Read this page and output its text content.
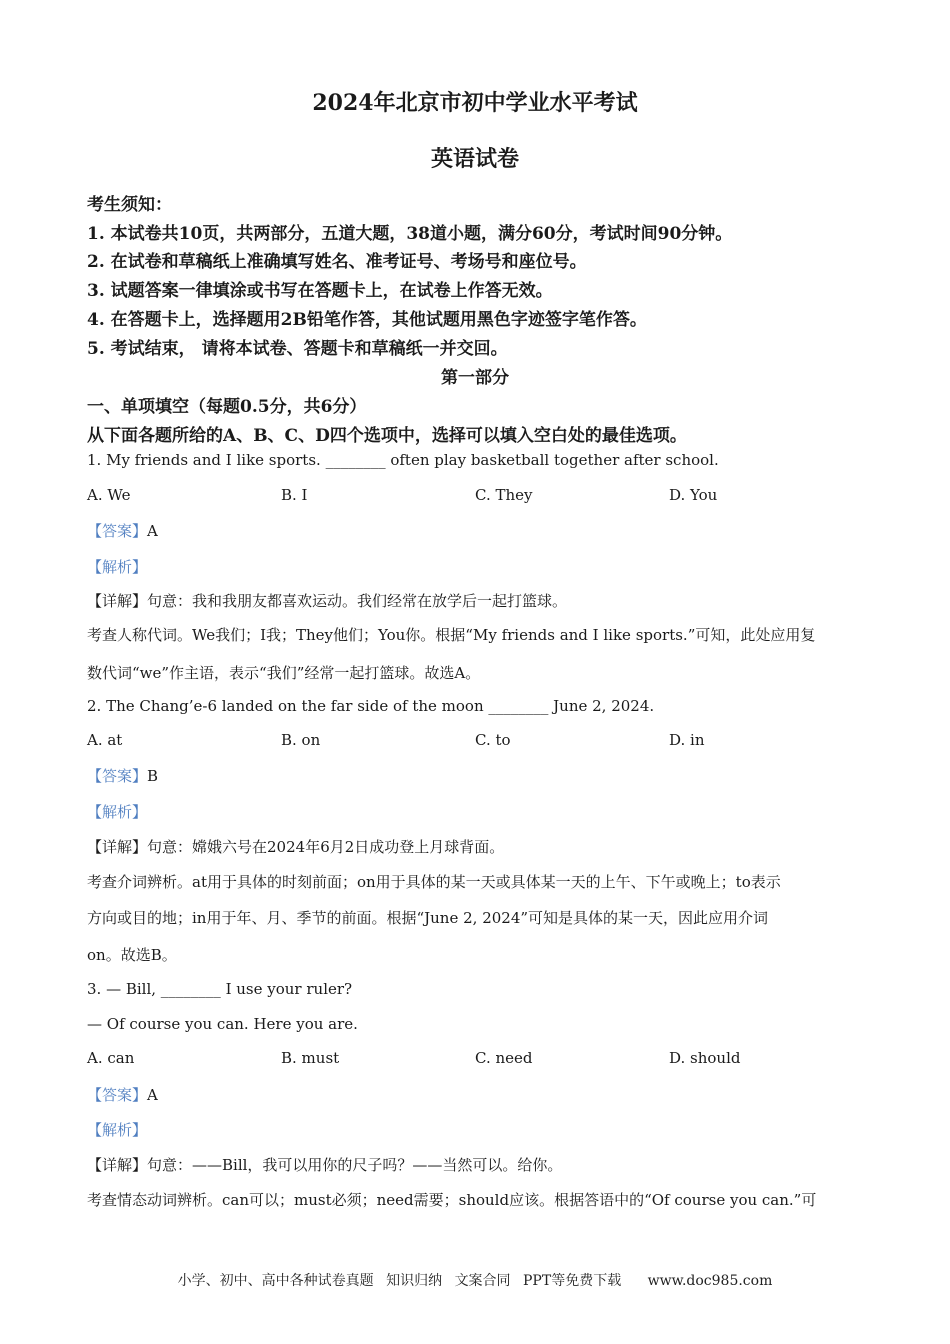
2024年北京市初中学业水平考试
英语试卷
考生须知：
1. 本试卷共10页，共两部分，五道大题，38道小题，满分60分，考试时间90分钟。
2. 在试卷和草稿纸上准确填写姓名、准考证号、考场号和座位号。
3. 试题答案一律填涂或书写在答题卡上，在试卷上作答无效。
4. 在答题卡上，选择题用2B铅笔作答，其他试题用黑色字迹签字笔作答。
5. 考试结束， 请将本试卷、答题卡和草稿纸一并交回。
第一部分
一、单项填空（每题0.5分，共6分）
从下面各题所给的A、B、C、D四个选项中，选择可以填入空白处的最佳选项。
1. My friends and I like sports. ________ often play basketball together after school.
A. We	B. I	C. They	D. You
【答案】A
【解析】
【详解】句意：我和我朋友都喜欢运动。我们经常在放学后一起打篮球。
考查人称代词。We我们；I我；They他们；You你。根据“My friends and I like sports.”可知，此处应用复
数代词“we”作主语，表示“我们”经常一起打篮球。故选A。
2. The Chang’e-6 landed on the far side of the moon ________ June 2, 2024.
A. at	B. on	C. to	D. in
【答案】B
【解析】
【详解】句意：嫦娥六号在2024年6月2日成功登上月球背面。
考查介词辨析。at用于具体的时刻前面；on用于具体的某一天或具体某一天的上午、下午或晚上；to表示
方向或目的地；in用于年、月、季节的前面。根据“June 2, 2024”可知是具体的某一天，因此应用介词
on。故选B。
3. — Bill, ________ I use your ruler?
— Of course you can. Here you are.
A. can	B. must	C. need	D. should
【答案】A
【解析】
【详解】句意：——Bill，我可以用你的尺子吗？——当然可以。给你。
考查情态动词辨析。can可以；must必须；need需要；should应该。根据答语中的“Of course you can.”可
小学、初中、高中各种试卷真题 知识归纳 文案合同 PPT等免费下载 www.doc985.com
